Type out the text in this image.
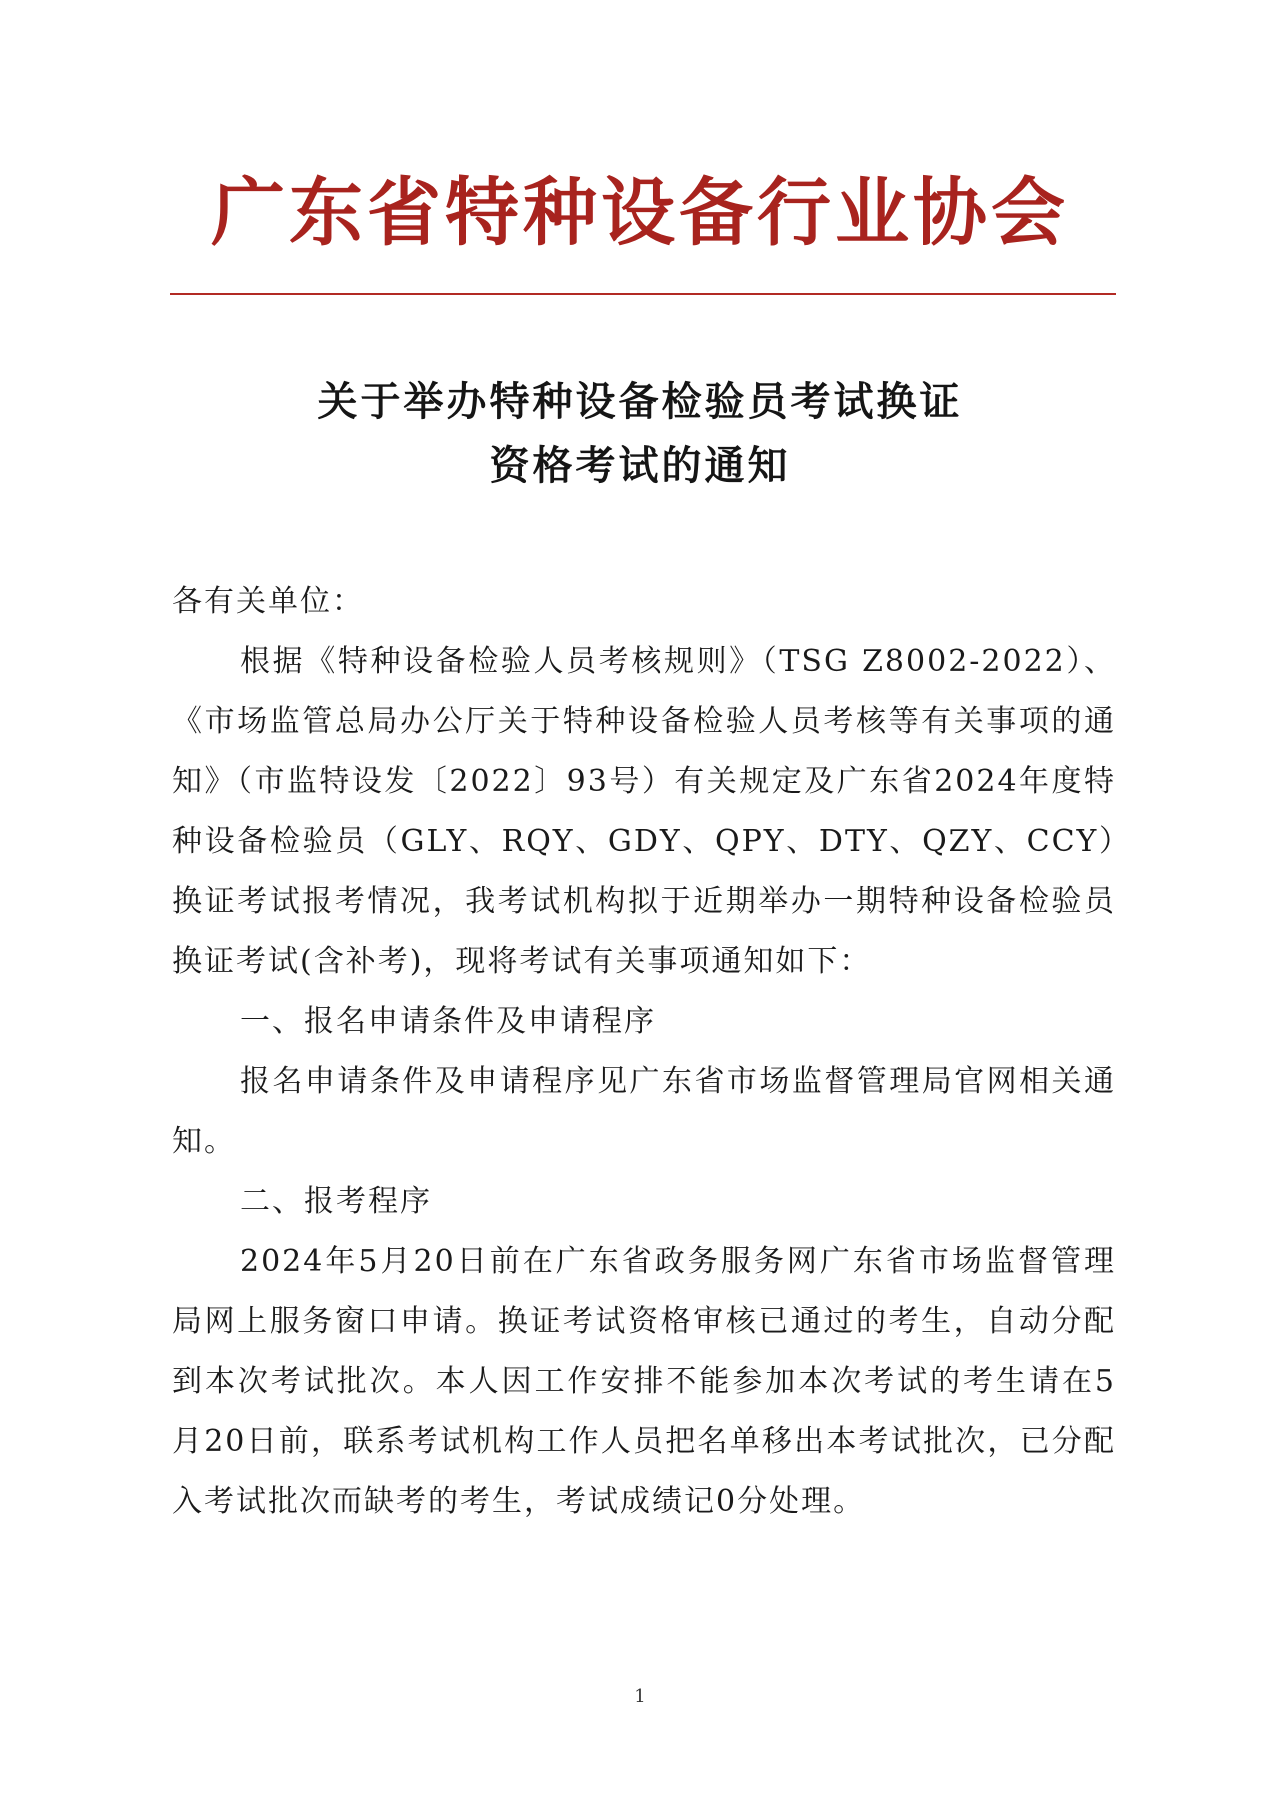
广东省特种设备行业协会
关于举办特种设备检验员考试换证
资格考试的通知
各有关单位：
根据《特种设备检验人员考核规则》（TSG Z8002-2022）、《市场监管总局办公厅关于特种设备检验人员考核等有关事项的通知》（市监特设发〔2022〕93号）有关规定及广东省2024年度特种设备检验员（GLY、RQY、GDY、QPY、DTY、QZY、CCY）换证考试报考情况，我考试机构拟于近期举办一期特种设备检验员换证考试(含补考)，现将考试有关事项通知如下：
一、报名申请条件及申请程序
报名申请条件及申请程序见广东省市场监督管理局官网相关通知。
二、报考程序
2024年5月20日前在广东省政务服务网广东省市场监督管理局网上服务窗口申请。换证考试资格审核已通过的考生，自动分配到本次考试批次。本人因工作安排不能参加本次考试的考生请在5月20日前，联系考试机构工作人员把名单移出本考试批次，已分配入考试批次而缺考的考生，考试成绩记0分处理。
1
